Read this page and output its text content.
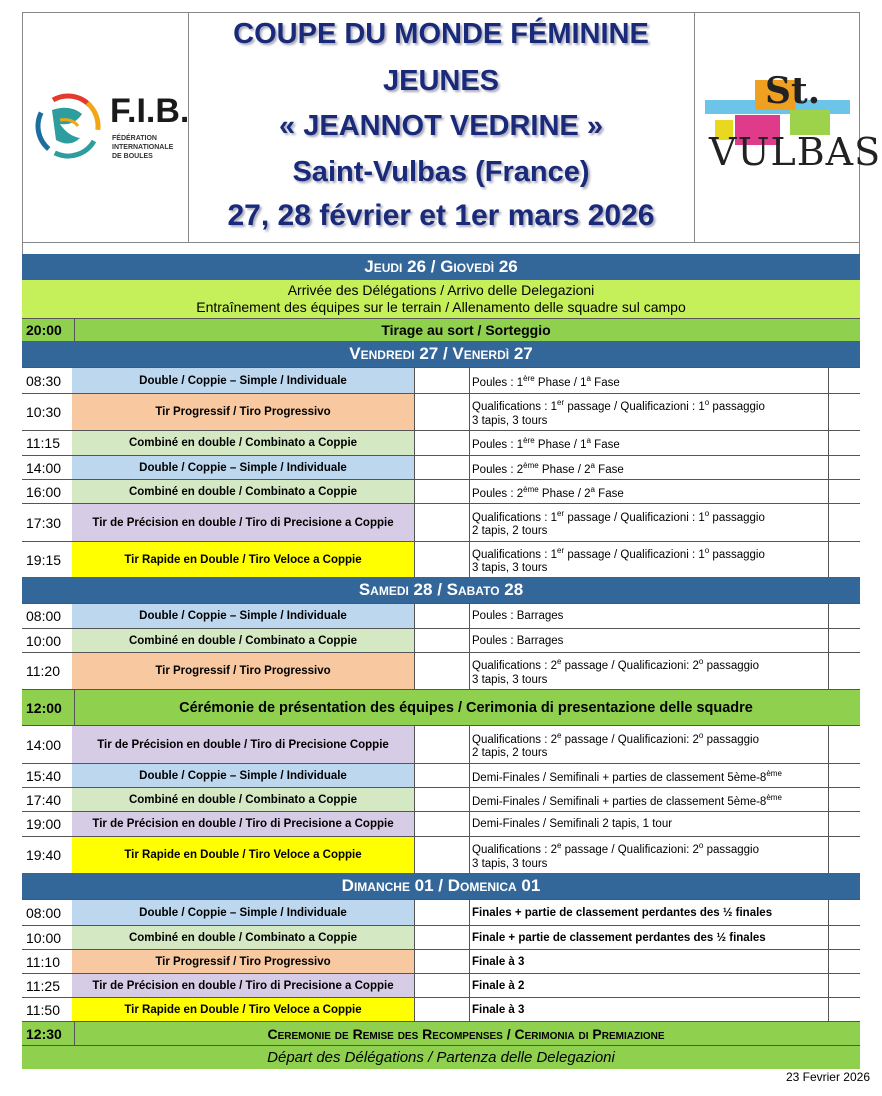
F.I.B.
FÉDÉRATION INTERNATIONALE DE BOULES
COUPE DU MONDE FÉMININE
JEUNES
« JEANNOT VEDRINE »
Saint-Vulbas (France)
27, 28 février et 1er mars 2026
St.
VULBAS
Jeudi 26 / Giovedì 26
Arrivée des Délégations / Arrivo delle Delegazioni
Entraînement des équipes sur le terrain / Allenamento delle squadre sul campo
20:00	Tirage au sort / Sorteggio
Vendredi 27 / Venerdì 27
08:30	Double / Coppie – Simple / Individuale	Poules : 1ère Phase / 1$^a$ Fase
10:30	Tir Progressif / Tiro Progressivo	Qualifications : 1er passage / Qualificazioni : 1$^o$ passaggio
3 tapis, 3 tours
11:15	Combiné en double / Combinato a Coppie	Poules : 1ère Phase / 1$^a$ Fase
14:00	Double / Coppie – Simple / Individuale	Poules : 2ème Phase / 2$^a$ Fase
16:00	Combiné en double / Combinato a Coppie	Poules : 2ème Phase / 2$^a$ Fase
17:30	Tir de Précision en double / Tiro di Precisione a Coppie	Qualifications : 1er passage / Qualificazioni : 1$^o$ passaggio
2 tapis, 2 tours
19:15	Tir Rapide en Double / Tiro Veloce a Coppie	Qualifications : 1er passage / Qualificazioni : 1$^o$ passaggio
3 tapis, 3 tours
Samedi 28 / Sabato 28
08:00	Double / Coppie – Simple / Individuale	Poules : Barrages
10:00	Combiné en double / Combinato a Coppie	Poules : Barrages
11:20	Tir Progressif / Tiro Progressivo	Qualifications : 2e passage / Qualificazioni: 2$^o$ passaggio
3 tapis, 3 tours
12:00	Cérémonie de présentation des équipes / Cerimonia di presentazione delle squadre
14:00	Tir de Précision en double / Tiro di Precisione Coppie	Qualifications : 2e passage / Qualificazioni: 2$^o$ passaggio
2 tapis, 2 tours
15:40	Double / Coppie – Simple / Individuale	Demi-Finales / Semifinali + parties de classement 5ème-8ème
17:40	Combiné en double / Combinato a Coppie	Demi-Finales / Semifinali + parties de classement 5ème-8ème
19:00	Tir de Précision en double / Tiro di Precisione a Coppie	Demi-Finales / Semifinali 2 tapis, 1 tour
19:40	Tir Rapide en Double / Tiro Veloce a Coppie	Qualifications : 2e passage / Qualificazioni: 2$^o$ passaggio
3 tapis, 3 tours
Dimanche 01 / Domenica 01
08:00	Double / Coppie – Simple / Individuale	Finales + partie de classement perdantes des ½ finales
10:00	Combiné en double / Combinato a Coppie	Finale + partie de classement perdantes des ½ finales
11:10	Tir Progressif / Tiro Progressivo	Finale à 3
11:25	Tir de Précision en double / Tiro di Precisione a Coppie	Finale à 2
11:50	Tir Rapide en Double / Tiro Veloce a Coppie	Finale à 3
12:30	Ceremonie de Remise des Recompenses / Cerimonia di Premiazione
Départ des Délégations / Partenza delle Delegazioni
23 Fevrier 2026
